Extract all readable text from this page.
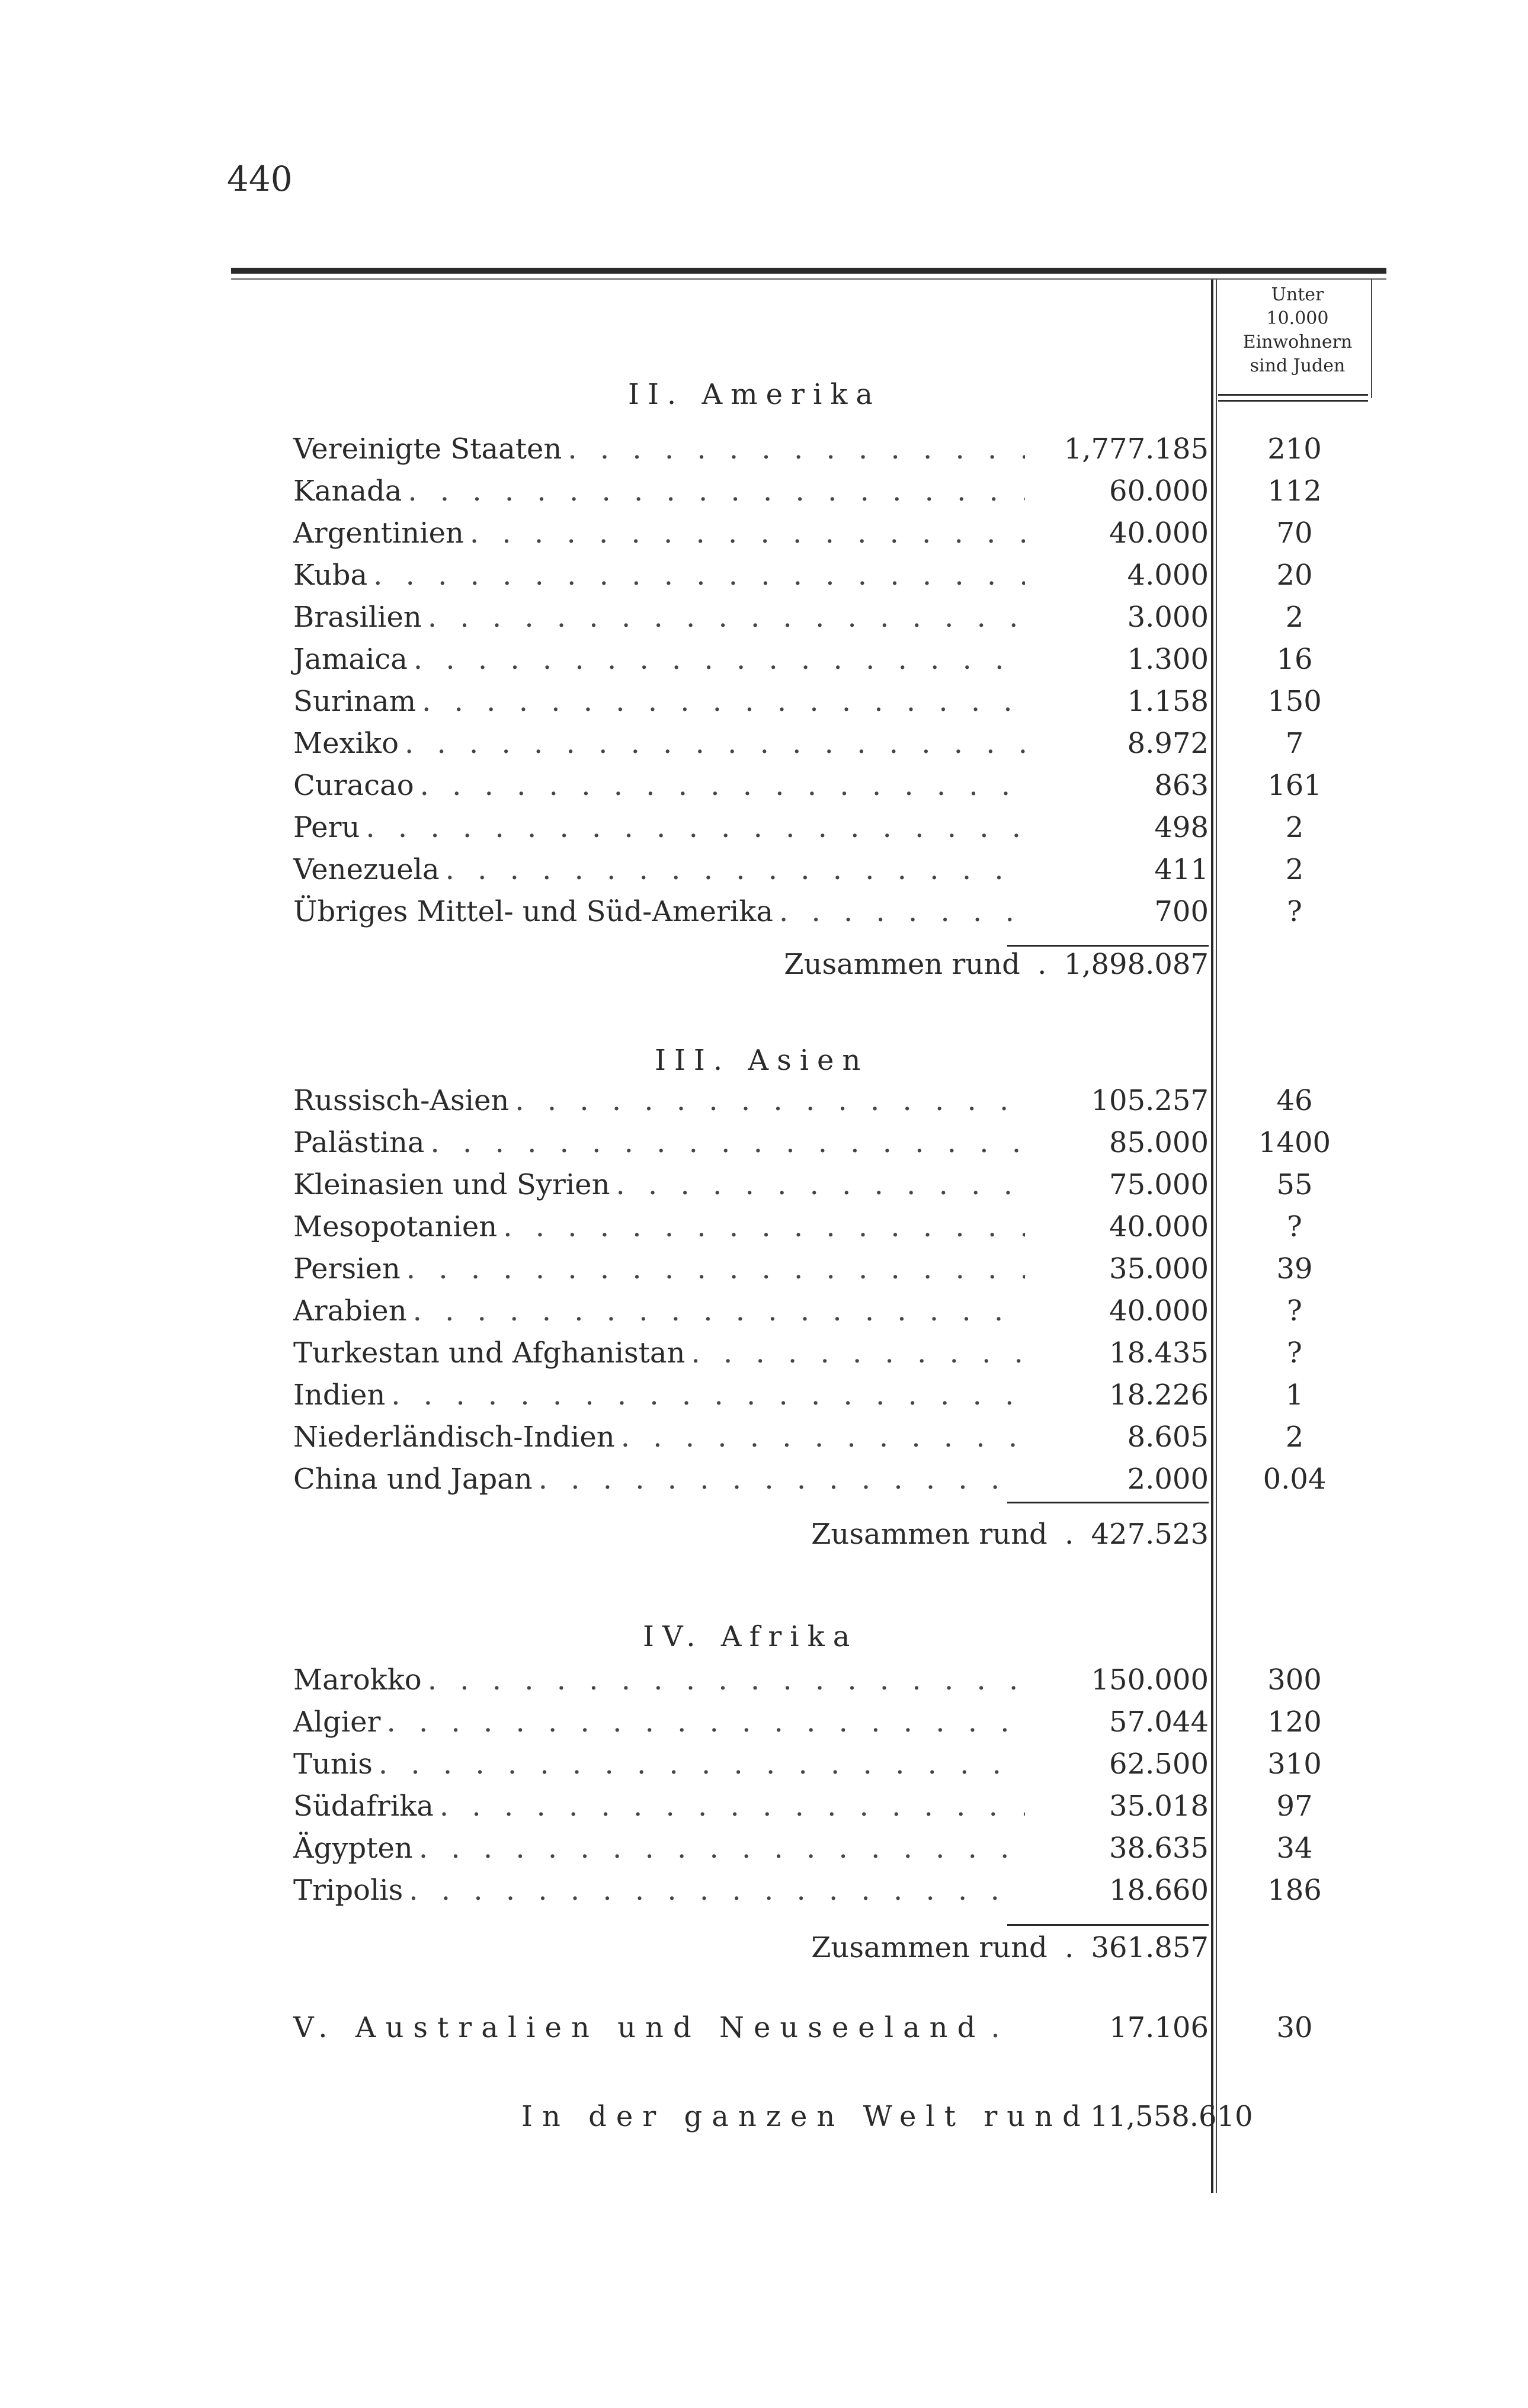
440
Unter
10.000
Einwohnern
sind Juden
II. Amerika
Vereinigte Staaten . . .	1,777.185	210
Kanada . . .	60.000	112
Argentinien . . .	40.000	70
Kuba . . .	4.000	20
Brasilien . . .	3.000	2
Jamaica . . .	1.300	16
Surinam . . .	1.158	150
Mexiko . . .	8.972	7
Curacao . . .	863	161
Peru . . .	498	2
Venezuela . . .	411	2
Übriges Mittel- und Süd-Amerika . . .	700	?
Zusammen rund . 1,898.087
III. Asien
Russisch-Asien . . .	105.257	46
Palästina . . .	85.000	1400
Kleinasien und Syrien . . .	75.000	55
Mesopotanien . . .	40.000	?
Persien . . .	35.000	39
Arabien . . .	40.000	?
Turkestan und Afghanistan . . .	18.435	?
Indien . . .	18.226	1
Niederländisch-Indien . . .	8.605	2
China und Japan . . .	2.000	0.04
Zusammen rund . 427.523
IV. Afrika
Marokko . . .	150.000	300
Algier . . .	57.044	120
Tunis . . .	62.500	310
Südafrika . . .	35.018	97
Ägypten . . .	38.635	34
Tripolis . . .	18.660	186
Zusammen rund . 361.857
V. Australien und Neuseeland . . .	17.106	30
In der ganzen Welt rund 11,558.610
